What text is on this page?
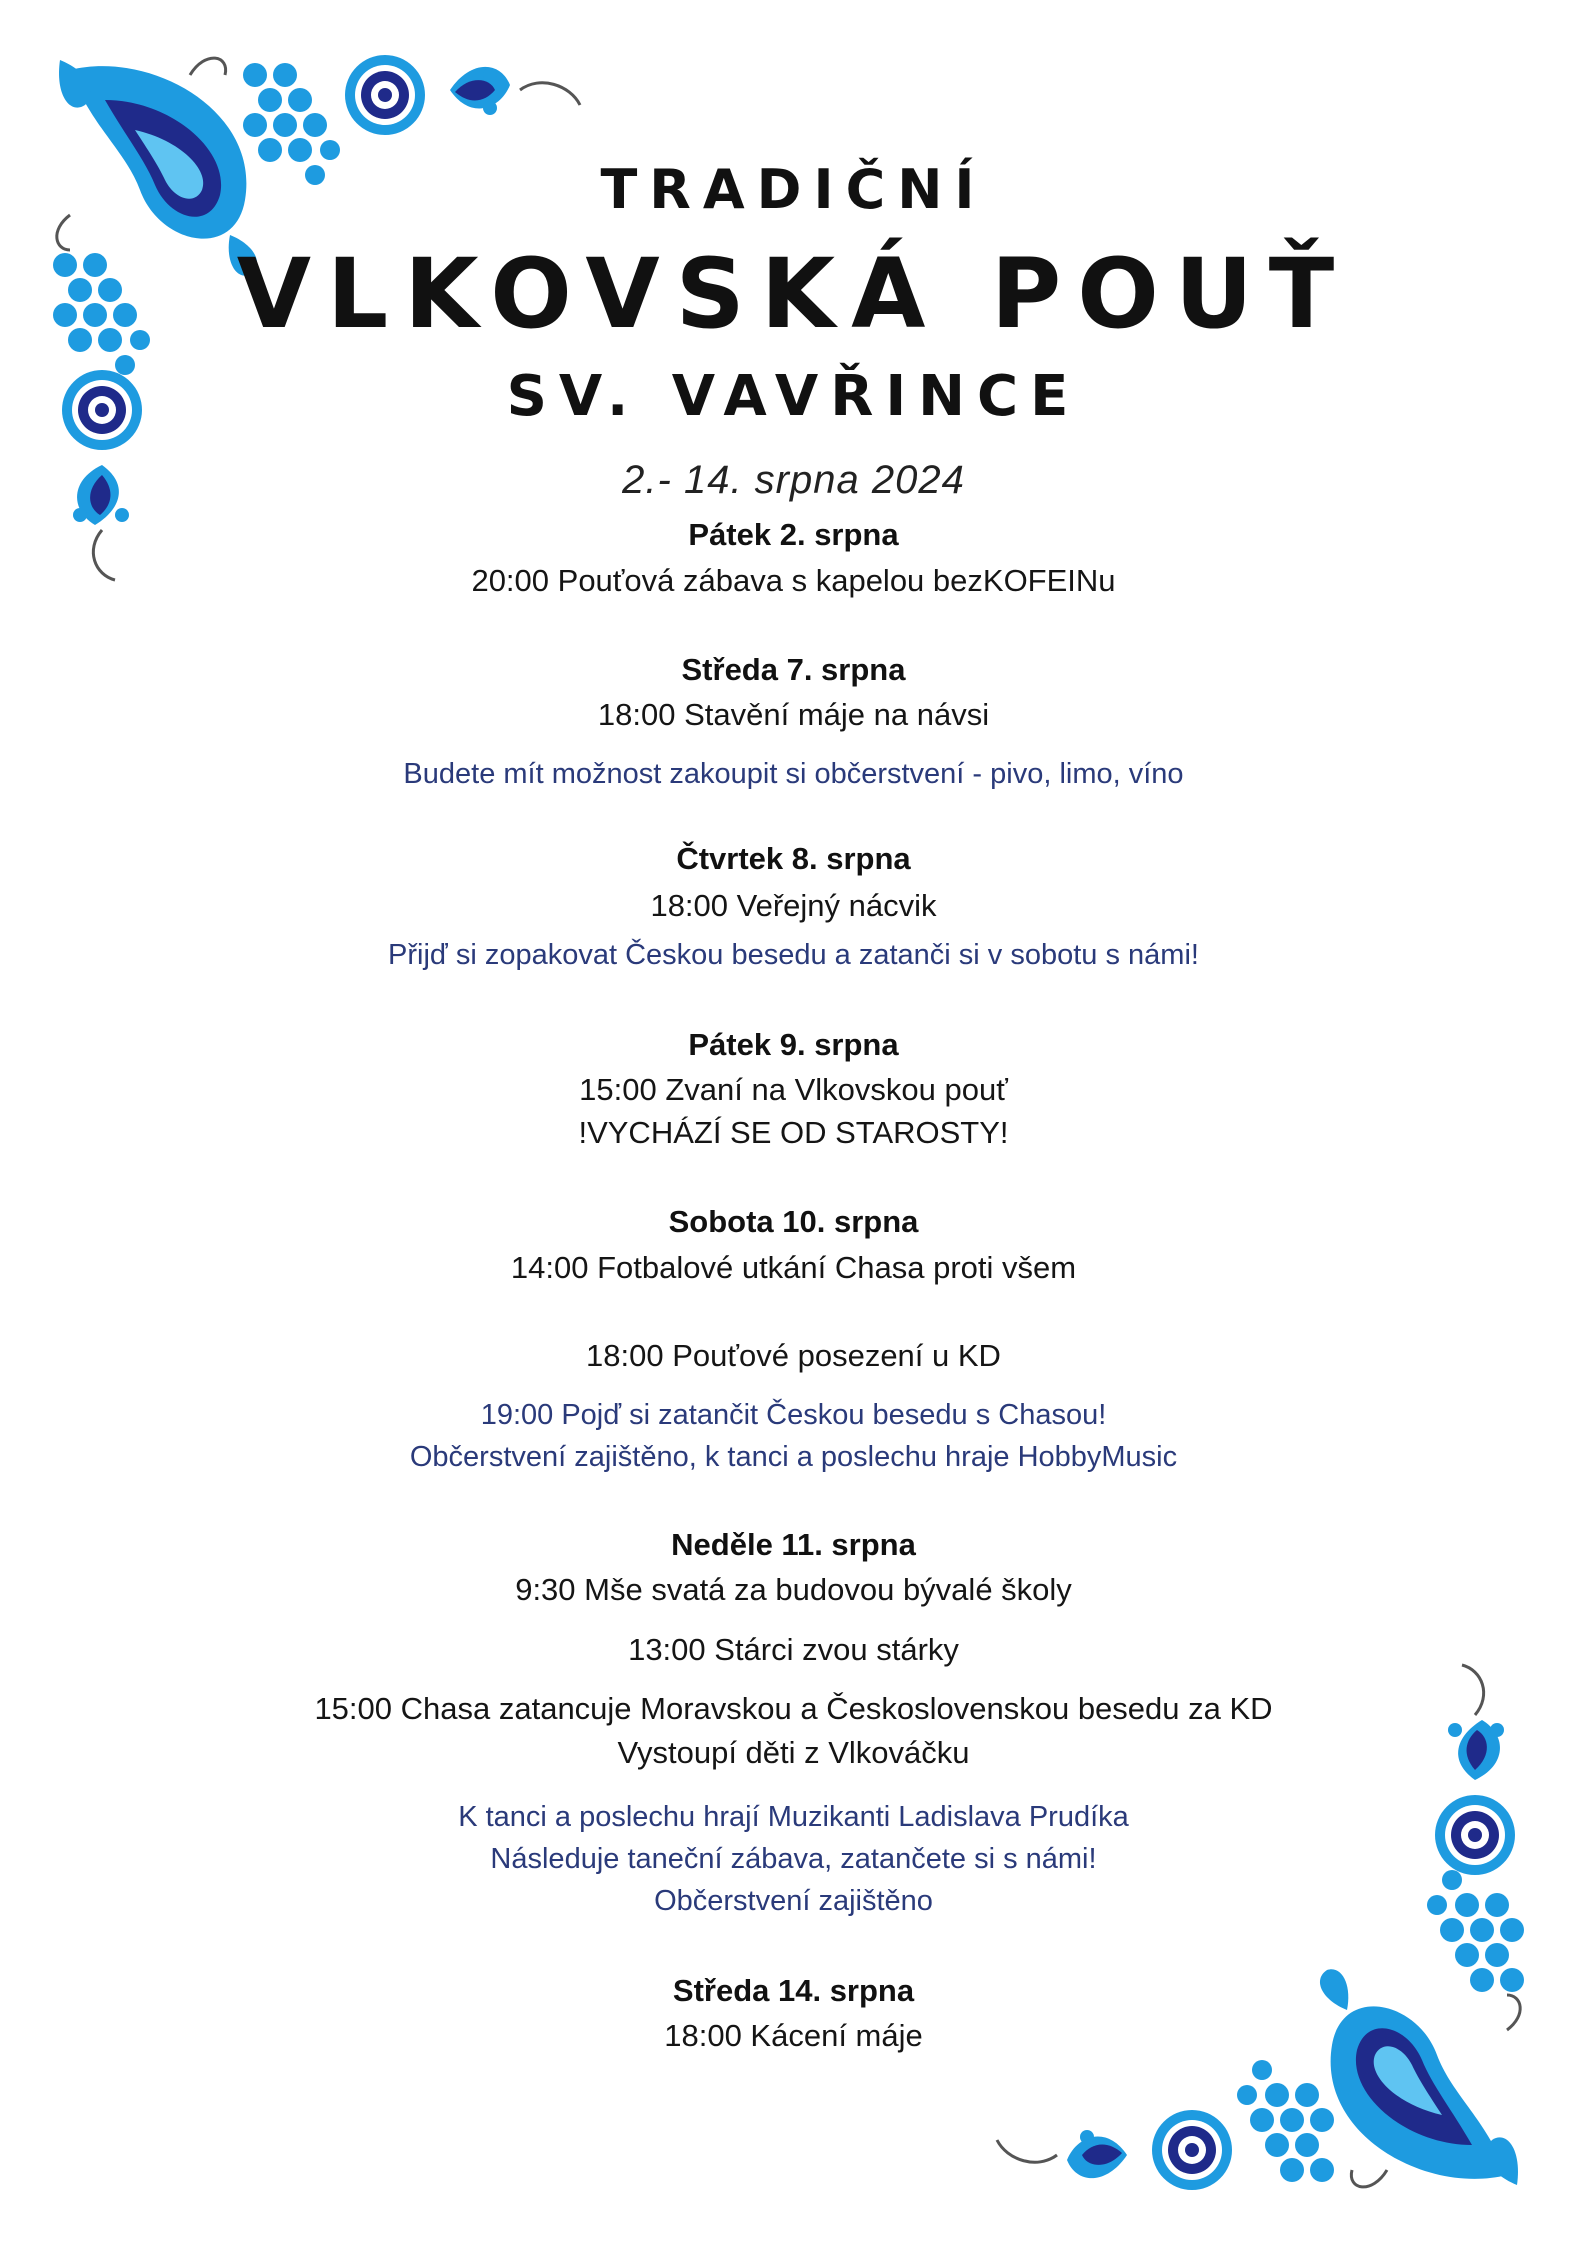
TRADIČNÍ
VLKOVSKÁ POUŤ
SV. VAVŘINCE
2.- 14. srpna 2024
Pátek 2. srpna
20:00 Pouťová zábava s kapelou bezKOFEINu
Středa 7. srpna
18:00 Stavění máje na návsi
Budete mít možnost zakoupit si občerstvení - pivo, limo, víno
Čtvrtek 8. srpna
18:00 Veřejný nácvik
Přijď si zopakovat Českou besedu a zatanči si v sobotu s námi!
Pátek 9. srpna
15:00 Zvaní na Vlkovskou pouť
!VYCHÁZÍ SE OD STAROSTY!
Sobota 10. srpna
14:00 Fotbalové utkání Chasa proti všem
18:00 Pouťové posezení u KD
19:00 Pojď si zatančit Českou besedu s Chasou!
Občerstvení zajištěno, k tanci a poslechu hraje HobbyMusic
Neděle 11. srpna
9:30 Mše svatá za budovou bývalé školy
13:00 Stárci zvou stárky
15:00 Chasa zatancuje Moravskou a Československou besedu za KD
Vystoupí děti z Vlkováčku
K tanci a poslechu hrají Muzikanti Ladislava Prudíka
Následuje taneční zábava, zatančete si s námi!
Občerstvení zajištěno
Středa 14. srpna
18:00 Kácení máje
